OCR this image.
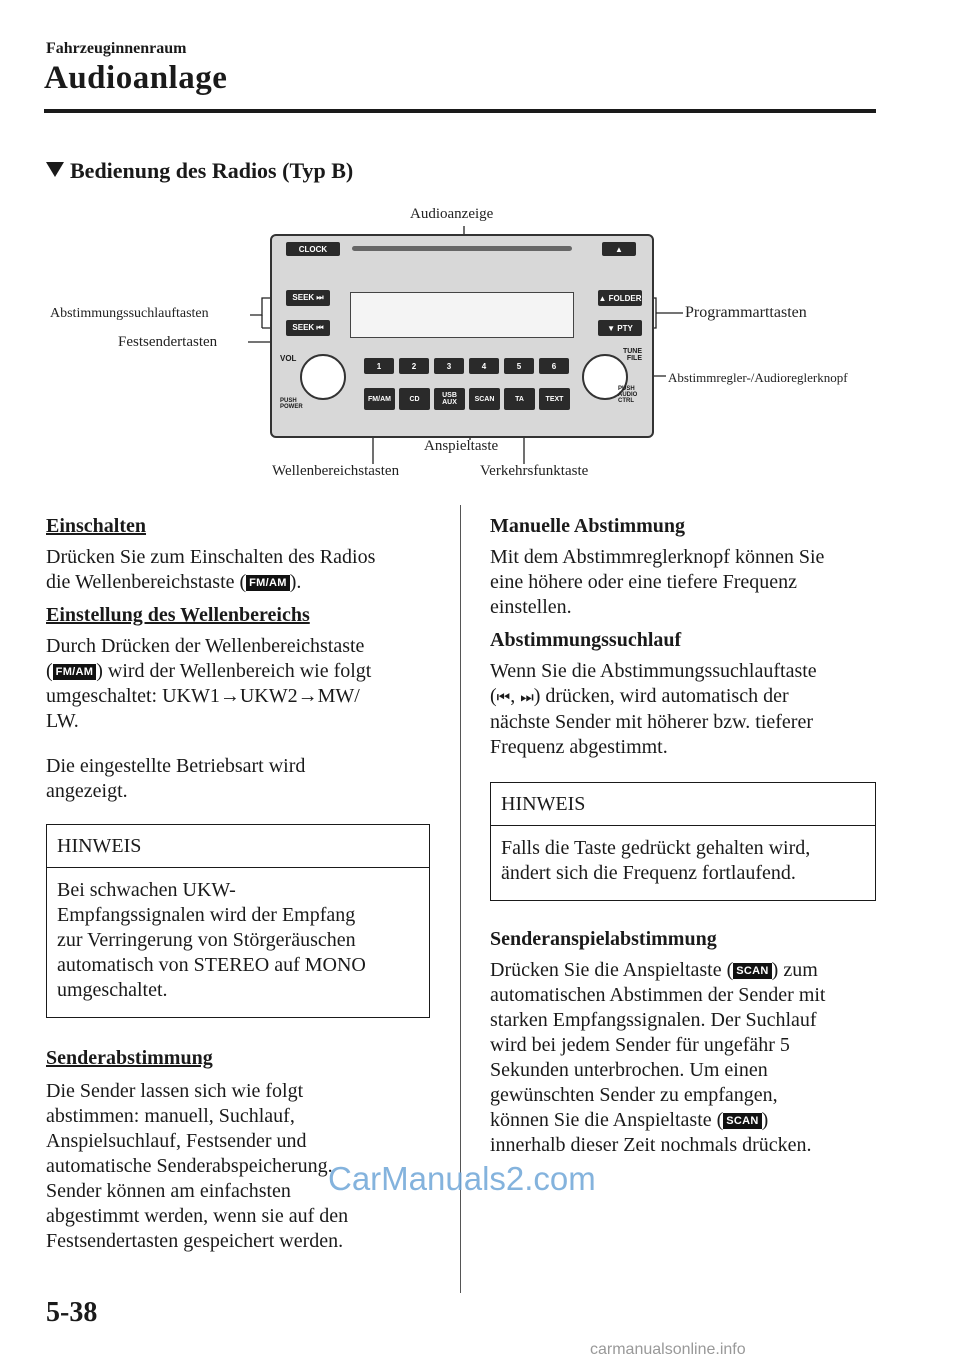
Fahrzeuginnenraum
Audioanlage
Bedienung des Radios (Typ B)
Audioanzeige
Abstimmungssuchlauftasten
Festsendertasten
Programmarttasten
Abstimmregler-/Audioreglerknopf
Anspieltaste
Wellenbereichstasten	Verkehrsfunktaste
CLOCK	▲
SEEK ⏭
SEEK ⏮
▲ FOLDER
▼ PTY
VOL
PUSH POWER
1	2	3	4	5	6
FM/AM	CD	USB AUX	SCAN	TA	TEXT
TUNE FILE
PUSH AUDIO CTRL

Einschalten

Drücken Sie zum Einschalten des Radios
die Wellenbereichstaste ( FM/AM ).

Einstellung des Wellenbereichs

Durch Drücken der Wellenbereichstaste
( FM/AM ) wird der Wellenbereich wie folgt
umgeschaltet: UKW1→UKW2→MW/
LW.

Die eingestellte Betriebsart wird
angezeigt.

HINWEIS
Bei schwachen UKW-
Empfangssignalen wird der Empfang
zur Verringerung von Störgeräuschen
automatisch von STEREO auf MONO
umgeschaltet.

Senderabstimmung

Die Sender lassen sich wie folgt
abstimmen: manuell, Suchlauf,
Anspielsuchlauf, Festsender und
automatische Senderabspeicherung.
Sender können am einfachsten
abgestimmt werden, wenn sie auf den
Festsendertasten gespeichert werden.

Manuelle Abstimmung

Mit dem Abstimmreglerknopf können Sie
eine höhere oder eine tiefere Frequenz
einstellen.

Abstimmungssuchlauf

Wenn Sie die Abstimmungssuchlauftaste
(⏮, ⏭) drücken, wird automatisch der
nächste Sender mit höherer bzw. tieferer
Frequenz abgestimmt.

HINWEIS
Falls die Taste gedrückt gehalten wird,
ändert sich die Frequenz fortlaufend.

Senderanspielabstimmung

Drücken Sie die Anspieltaste ( SCAN ) zum
automatischen Abstimmen der Sender mit
starken Empfangssignalen. Der Suchlauf
wird bei jedem Sender für ungefähr 5
Sekunden unterbrochen. Um einen
gewünschten Sender zu empfangen,
können Sie die Anspieltaste ( SCAN )
innerhalb dieser Zeit nochmals drücken.

5-38
CarManuals2.com
carmanualsonline.info
